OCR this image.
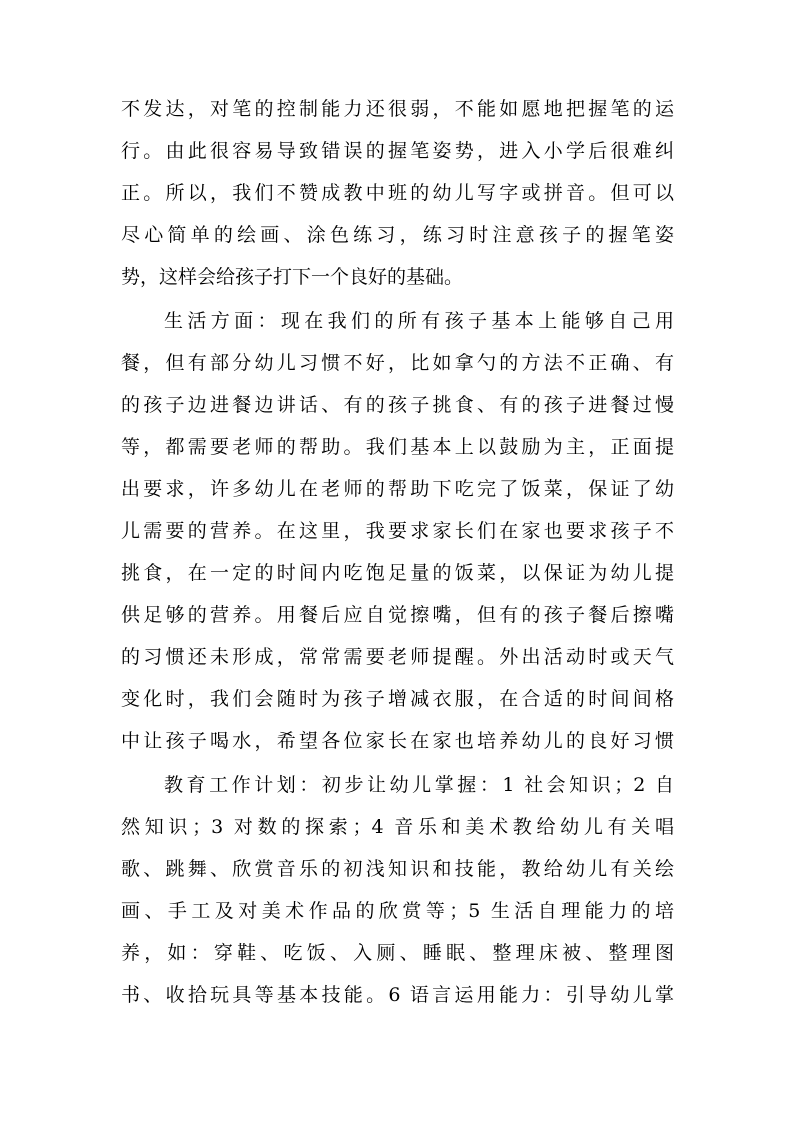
不发达，对笔的控制能力还很弱，不能如愿地把握笔的运
行。由此很容易导致错误的握笔姿势，进入小学后很难纠
正。所以，我们不赞成教中班的幼儿写字或拼音。但可以
尽心简单的绘画、涂色练习，练习时注意孩子的握笔姿
势，这样会给孩子打下一个良好的基础。
生活方面：现在我们的所有孩子基本上能够自己用
餐，但有部分幼儿习惯不好，比如拿勺的方法不正确、有
的孩子边进餐边讲话、有的孩子挑食、有的孩子进餐过慢
等，都需要老师的帮助。我们基本上以鼓励为主，正面提
出要求，许多幼儿在老师的帮助下吃完了饭菜，保证了幼
儿需要的营养。在这里，我要求家长们在家也要求孩子不
挑食，在一定的时间内吃饱足量的饭菜，以保证为幼儿提
供足够的营养。用餐后应自觉擦嘴，但有的孩子餐后擦嘴
的习惯还未形成，常常需要老师提醒。外出活动时或天气
变化时，我们会随时为孩子增减衣服，在合适的时间间格
中让孩子喝水，希望各位家长在家也培养幼儿的良好习惯
教育工作计划：初步让幼儿掌握：1 社会知识；2 自
然知识；3 对数的探索；4 音乐和美术教给幼儿有关唱
歌、跳舞、欣赏音乐的初浅知识和技能，教给幼儿有关绘
画、手工及对美术作品的欣赏等；5 生活自理能力的培
养，如：穿鞋、吃饭、入厕、睡眠、整理床被、整理图
书、收拾玩具等基本技能。6 语言运用能力：引导幼儿掌
